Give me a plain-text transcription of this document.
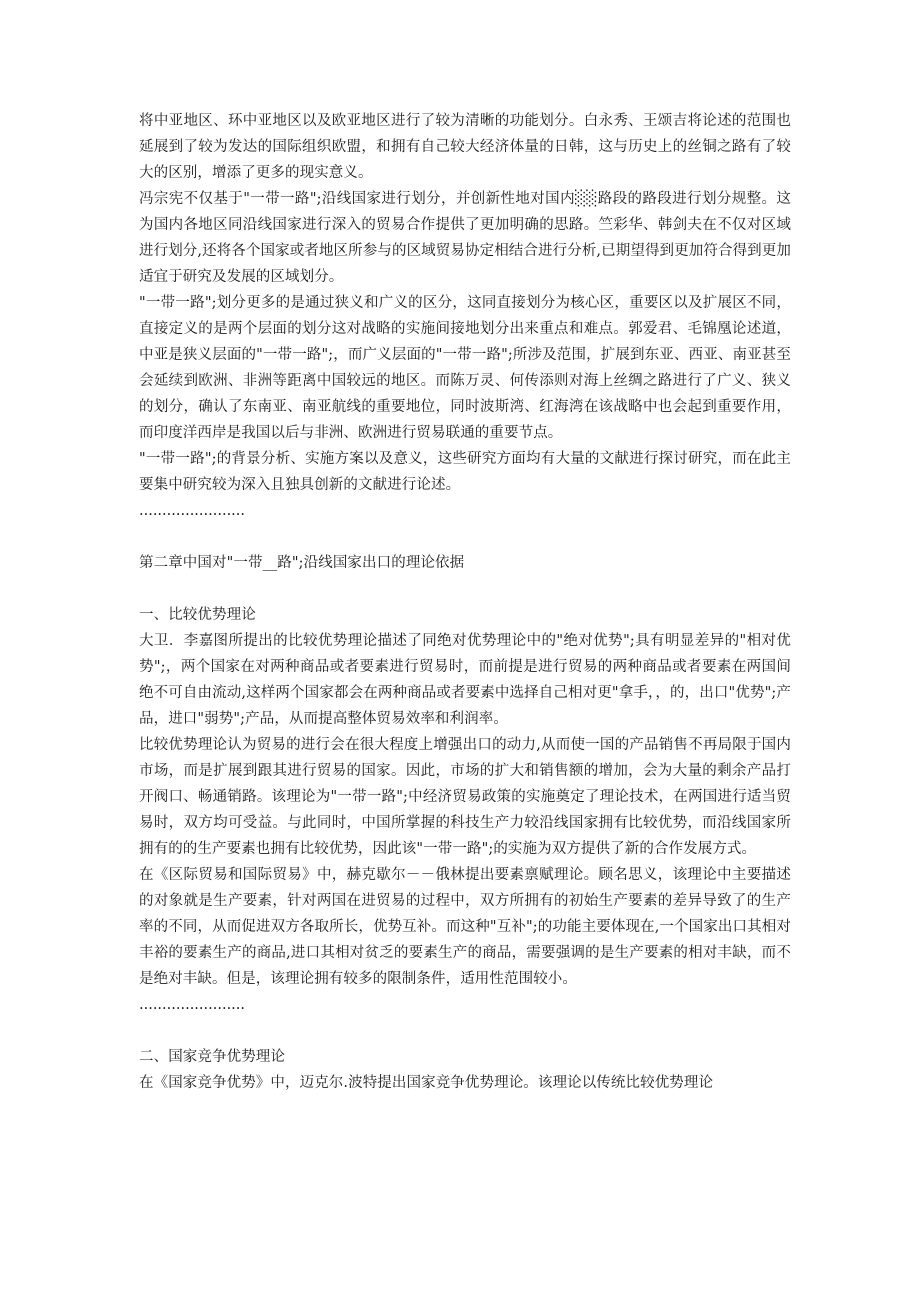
将中亚地区、环中亚地区以及欧亚地区进行了较为清晰的功能划分。白永秀、王颂吉将论述的范围也延展到了较为发达的国际组织欧盟，和拥有自己较大经济体量的日韩，这与历史上的丝铜之路有了较大的区别，增添了更多的现实意义。

冯宗宪不仅基于"一带一路";沿线国家进行划分，并创新性地对国内░░路段的路段进行划分规整。这为国内各地区同沿线国家进行深入的贸易合作提供了更加明确的思路。竺彩华、韩剑夫在不仅对区域进行划分,还将各个国家或者地区所参与的区域贸易协定相结合进行分析,已期望得到更加符合得到更加适宜于研究及发展的区域划分。

"一带一路";划分更多的是通过狭义和广义的区分，这同直接划分为核心区，重要区以及扩展区不同，直接定义的是两个层面的划分这对战略的实施间接地划分出来重点和难点。郭爱君、毛锦凰论述道，中亚是狭义层面的"一带一路";，而广义层面的"一带一路";所涉及范围，扩展到东亚、西亚、南亚甚至会延续到欧洲、非洲等距离中国较远的地区。而陈万灵、何传添则对海上丝绸之路进行了广义、狭义的划分，确认了东南亚、南亚航线的重要地位，同时波斯湾、红海湾在该战略中也会起到重要作用，而印度洋西岸是我国以后与非洲、欧洲进行贸易联通的重要节点。

"一带一路";的背景分析、实施方案以及意义，这些研究方面均有大量的文献进行探讨研究，而在此主要集中研究较为深入且独具创新的文献进行论述。

.......................

第二章中国对"一带__路";沿线国家出口的理论依据

一、比较优势理论

大卫．李嘉图所提出的比较优势理论描述了同绝对优势理论中的"绝对优势";具有明显差异的"相对优势";，两个国家在对两种商品或者要素进行贸易时，而前提是进行贸易的两种商品或者要素在两国间绝不可自由流动,这样两个国家都会在两种商品或者要素中选择自己相对更"拿手，，的，出口"优势";产品，进口"弱势";产品，从而提高整体贸易效率和利润率。

比较优势理论认为贸易的进行会在很大程度上增强出口的动力,从而使一国的产品销售不再局限于国内市场，而是扩展到跟其进行贸易的国家。因此，市场的扩大和销售额的增加，会为大量的剩余产品打开阀口、畅通销路。该理论为"一带一路";中经济贸易政策的实施奠定了理论技术，在两国进行适当贸易时，双方均可受益。与此同时，中国所掌握的科技生产力较沿线国家拥有比较优势，而沿线国家所拥有的的生产要素也拥有比较优势，因此该"一带一路";的实施为双方提供了新的合作发展方式。

在《区际贸易和国际贸易》中，赫克歇尔－－俄林提出要素禀赋理论。顾名思义，该理论中主要描述的对象就是生产要素，针对两国在进贸易的过程中，双方所拥有的初始生产要素的差异导致了的生产率的不同，从而促进双方各取所长，优势互补。而这种"互补";的功能主要体现在,一个国家出口其相对丰裕的要素生产的商品,进口其相对贫乏的要素生产的商品，需要强调的是生产要素的相对丰缺，而不是绝对丰缺。但是，该理论拥有较多的限制条件，适用性范围较小。

.......................

二、国家竞争优势理论

在《国家竞争优势》中，迈克尔.波特提出国家竞争优势理论。该理论以传统比较优势理论
